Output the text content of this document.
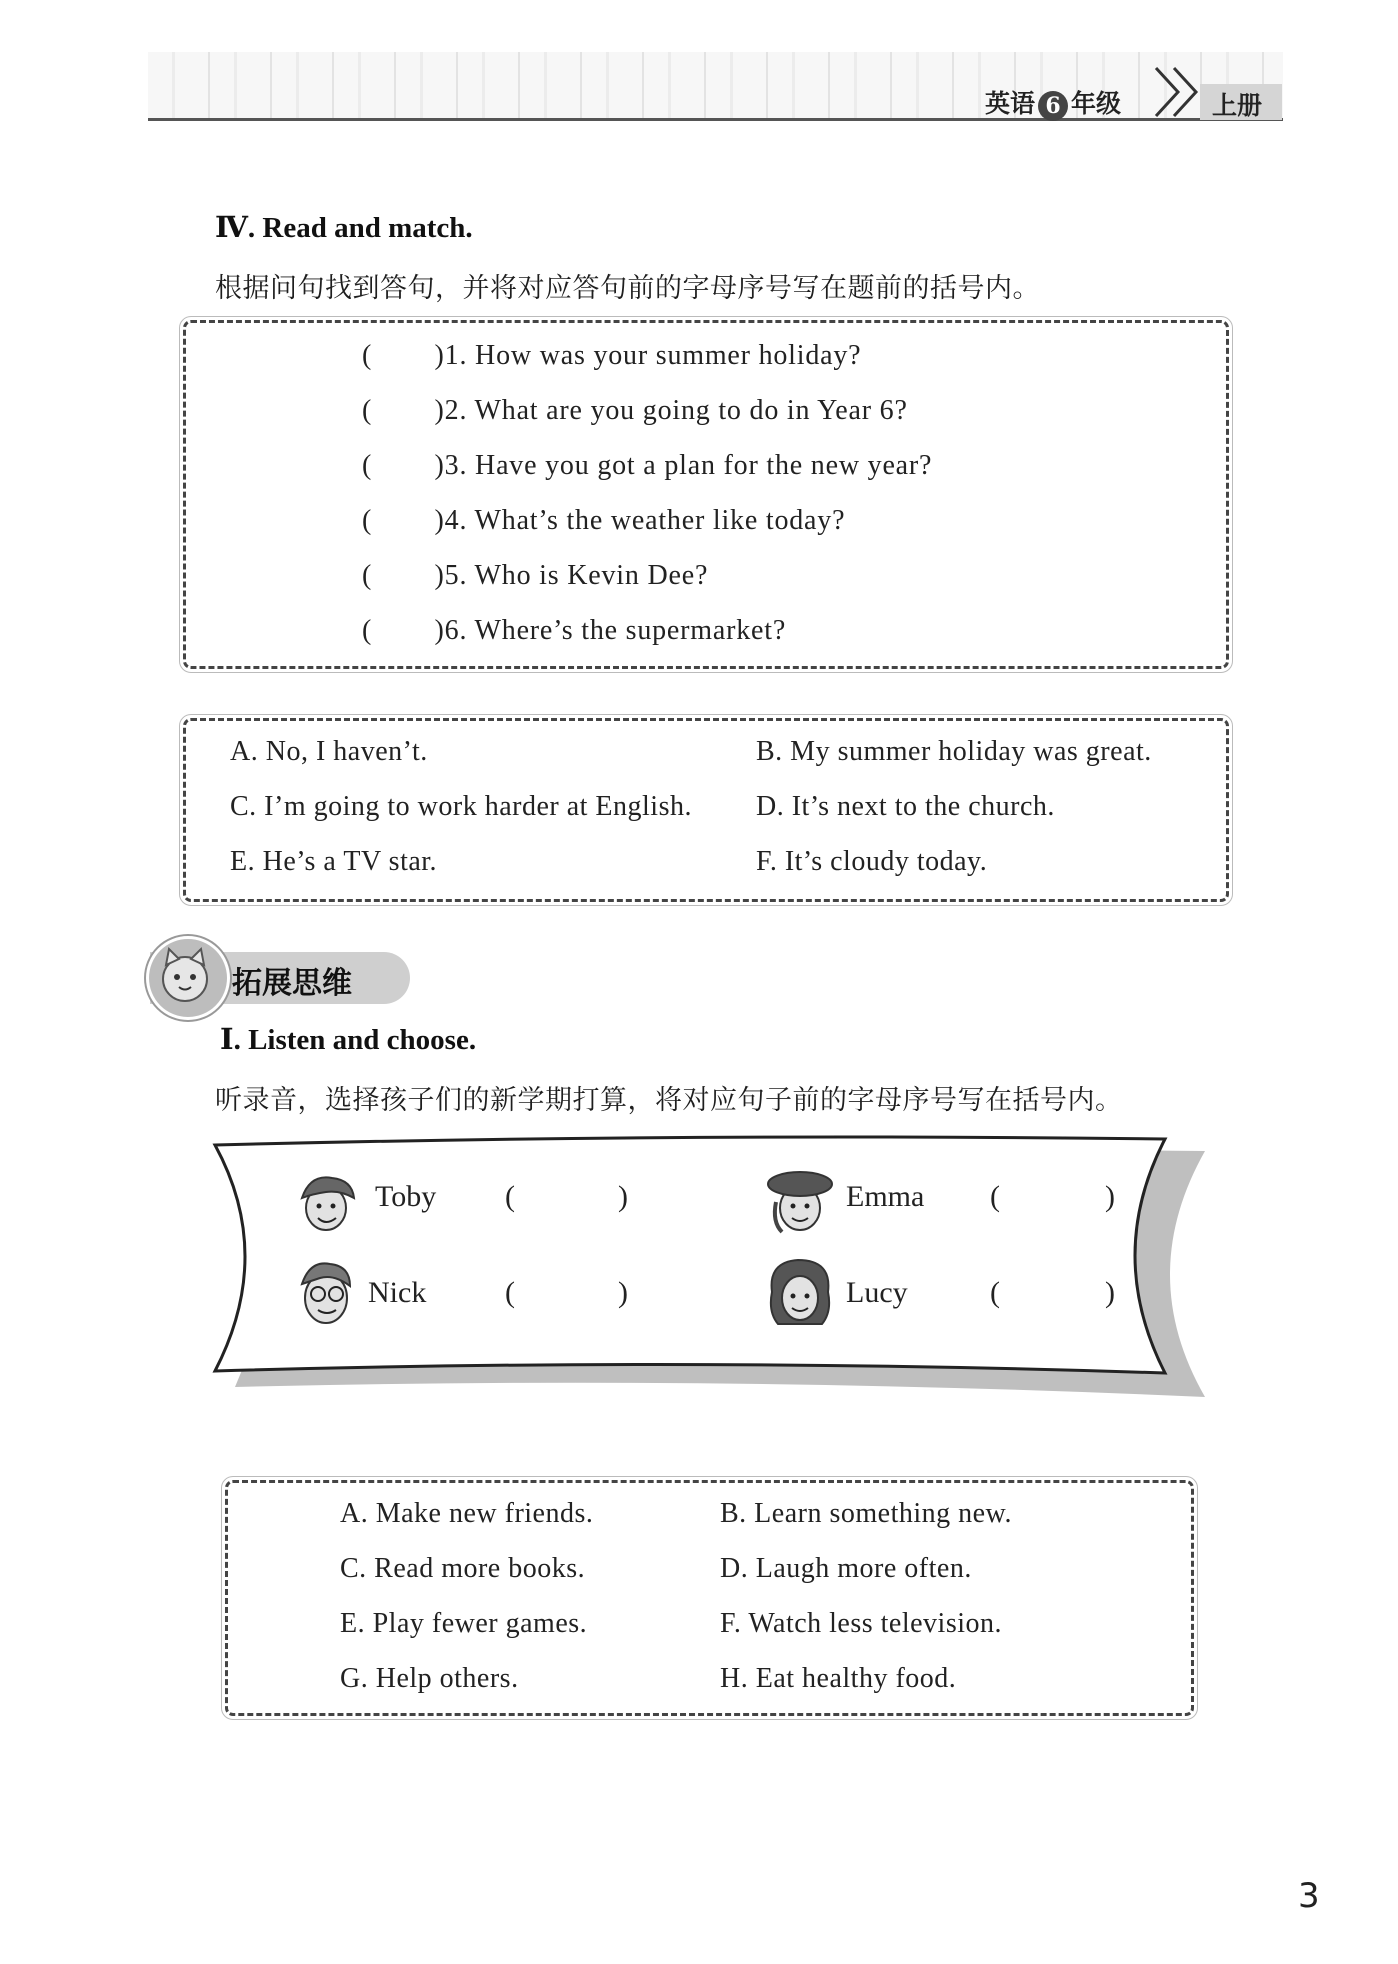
英语 6 年级	上册
Ⅳ. Read and match.
根据问句找到答句，并将对应答句前的字母序号写在题前的括号内。
(        )1. How was your summer holiday?
(        )2. What are you going to do in Year 6?
(        )3. Have you got a plan for the new year?
(        )4. What’s the weather like today?
(        )5. Who is Kevin Dee?
(        )6. Where’s the supermarket?
A. No, I haven’t.	B. My summer holiday was great.
C. I’m going to work harder at English. D. It’s next to the church.
E. He’s a TV star.	F. It’s cloudy today.
拓展思维
Ⅰ. Listen and choose.
听录音，选择孩子们的新学期打算，将对应句子前的字母序号写在括号内。
Toby (	)	Emma (	)
Nick	(	)	Lucy	(	)
A. Make new friends.	B. Learn something new.
C. Read more books.	D. Laugh more often.
E. Play fewer games.	F. Watch less television.
G. Help others.	H. Eat healthy food.
3
